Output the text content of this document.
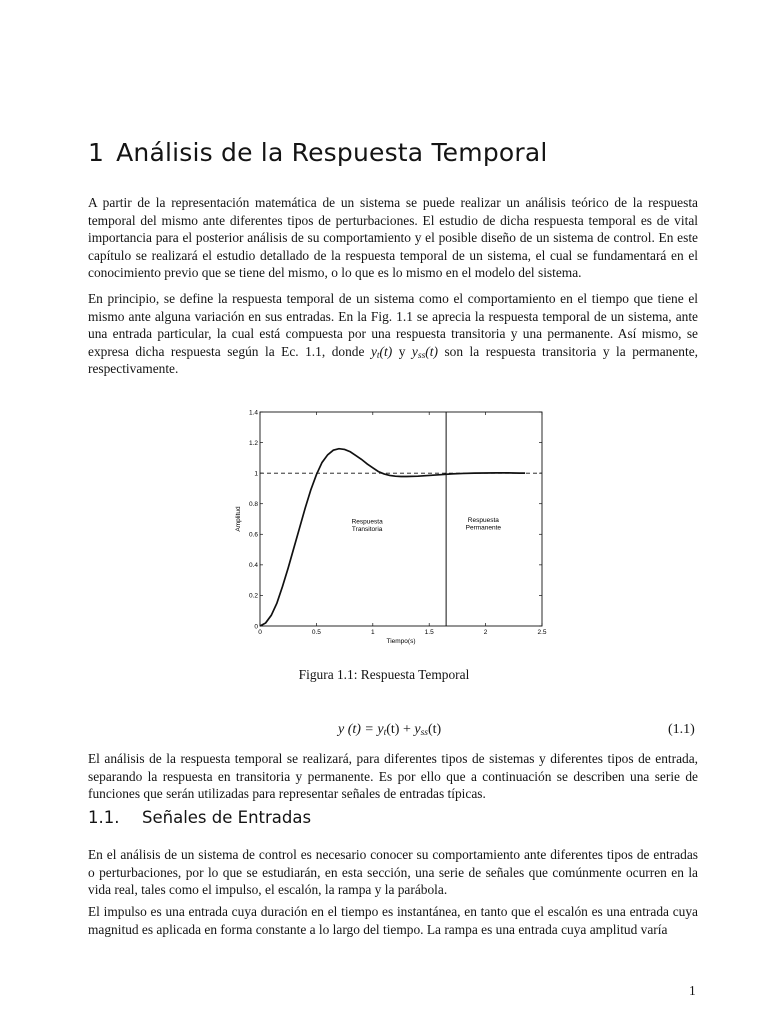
1 Análisis de la Respuesta Temporal

A partir de la representación matemática de un sistema se puede realizar un análisis teórico de la respuesta temporal del mismo ante diferentes tipos de perturbaciones. El estudio de dicha respuesta temporal es de vital importancia para el posterior análisis de su comportamiento y el posible diseño de un sistema de control. En este capítulo se realizará el estudio detallado de la respuesta temporal de un sistema, el cual se fundamentará en el conocimiento previo que se tiene del mismo, o lo que es lo mismo en el modelo del sistema.

En principio, se define la respuesta temporal de un sistema como el comportamiento en el tiempo que tiene el mismo ante alguna variación en sus entradas. En la Fig. 1.1 se aprecia la respuesta temporal de un sistema, ante una entrada particular, la cual está compuesta por una respuesta transitoria y una permanente. Así mismo, se expresa dicha respuesta según la Ec. 1.1, donde $y_t(t)$ y $y_{ss}(t)$ son la respuesta transitoria y la permanente, respectivamente.

0	0.5	1	1.5	2	2.5
0
0.2
0.4
0.6
0.8
1
1.2
1.4
Respuesta
Transitoria
Respuesta
Permanente
Tiempo(s)
Amplitud
Figura 1.1: Respuesta Temporal
y $(t) = y_t(t) + y_{ss}(t)$	(1.1)

El análisis de la respuesta temporal se realizará, para diferentes tipos de sistemas y diferentes tipos de entrada, separando la respuesta en transitoria y permanente. Es por ello que a continuación se describen una serie de funciones que serán utilizadas para representar señales de entradas típicas.

1.1. Señales de Entradas

En el análisis de un sistema de control es necesario conocer su comportamiento ante diferentes tipos de entradas o perturbaciones, por lo que se estudiarán, en esta sección, una serie de señales que comúnmente ocurren en la vida real, tales como el impulso, el escalón, la rampa y la parábola.

El impulso es una entrada cuya duración en el tiempo es instantánea, en tanto que el escalón es una entrada cuya magnitud es aplicada en forma constante a lo largo del tiempo. La rampa es una entrada cuya amplitud varía

1
